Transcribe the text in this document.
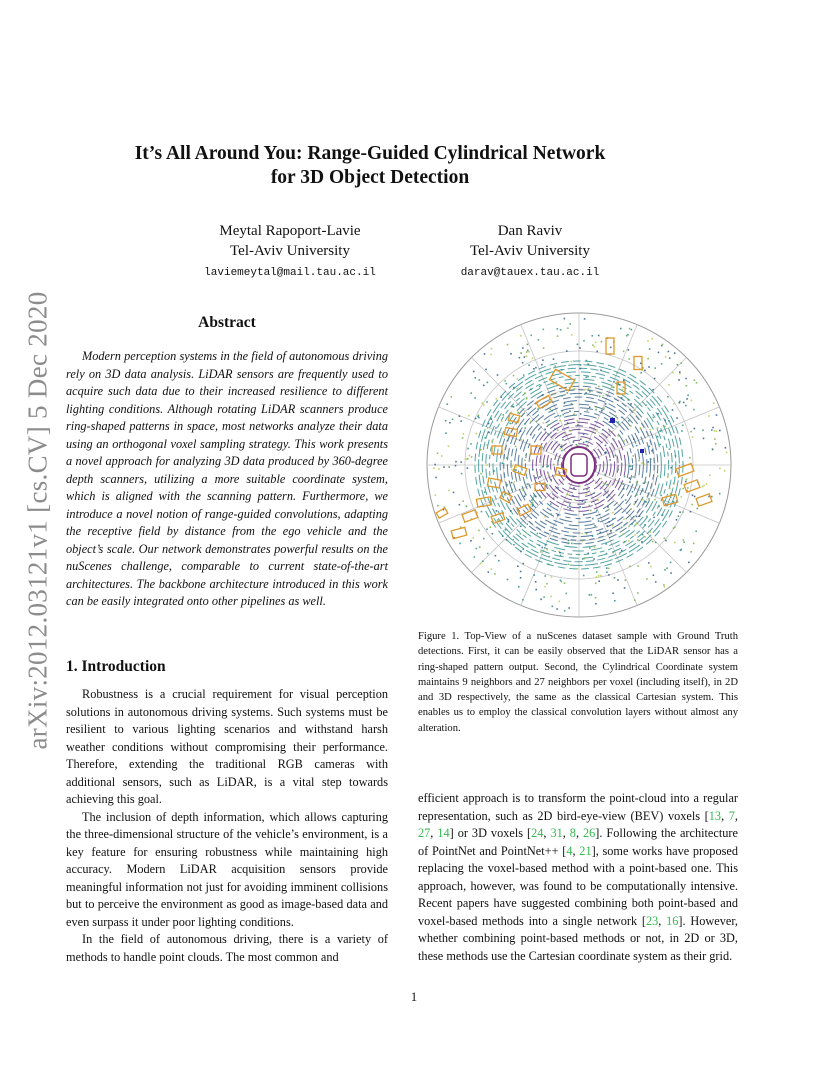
arXiv:2012.03121v1 [cs.CV] 5 Dec 2020
It’s All Around You: Range-Guided Cylindrical Network
for 3D Object Detection
Meytal Rapoport-Lavie
Tel-Aviv University
laviemeytal@mail.tau.ac.il
Dan Raviv
Tel-Aviv University
darav@tauex.tau.ac.il
Abstract
Modern perception systems in the field of autonomous driving rely on 3D data analysis. LiDAR sensors are frequently used to acquire such data due to their increased resilience to different lighting conditions. Although rotating LiDAR scanners produce ring-shaped patterns in space, most networks analyze their data using an orthogonal voxel sampling strategy. This work presents a novel approach for analyzing 3D data produced by 360-degree depth scanners, utilizing a more suitable coordinate system, which is aligned with the scanning pattern. Furthermore, we introduce a novel notion of range-guided convolutions, adapting the receptive field by distance from the ego vehicle and the object’s scale. Our network demonstrates powerful results on the nuScenes challenge, comparable to current state-of-the-art architectures. The backbone architecture introduced in this work can be easily integrated onto other pipelines as well.
1. Introduction

Robustness is a crucial requirement for visual perception solutions in autonomous driving systems. Such systems must be resilient to various lighting scenarios and withstand harsh weather conditions without compromising their performance. Therefore, extending the traditional RGB cameras with additional sensors, such as LiDAR, is a vital step towards achieving this goal.

The inclusion of depth information, which allows capturing the three-dimensional structure of the vehicle’s environment, is a key feature for ensuring robustness while maintaining high accuracy. Modern LiDAR acquisition sensors provide meaningful information not just for avoiding imminent collisions but to perceive the environment as good as image-based data and even surpass it under poor lighting conditions.

In the field of autonomous driving, there is a variety of methods to handle point clouds. The most common and

Figure 1. Top-View of a nuScenes dataset sample with Ground Truth detections. First, it can be easily observed that the LiDAR sensor has a ring-shaped pattern output. Second, the Cylindrical Coordinate system maintains 9 neighbors and 27 neighbors per voxel (including itself), in 2D and 3D respectively, the same as the classical Cartesian system. This enables us to employ the classical convolution layers without almost any alteration.

efficient approach is to transform the point-cloud into a regular representation, such as 2D bird-eye-view (BEV) voxels [13, 7, 27, 14] or 3D voxels [24, 31, 8, 26]. Following the architecture of PointNet and PointNet++ [4, 21], some works have proposed replacing the voxel-based method with a point-based one. This approach, however, was found to be computationally intensive. Recent papers have suggested combining both point-based and voxel-based methods into a single network [23, 16]. However, whether combining point-based methods or not, in 2D or 3D, these methods use the Cartesian coordinate system as their grid.

1
